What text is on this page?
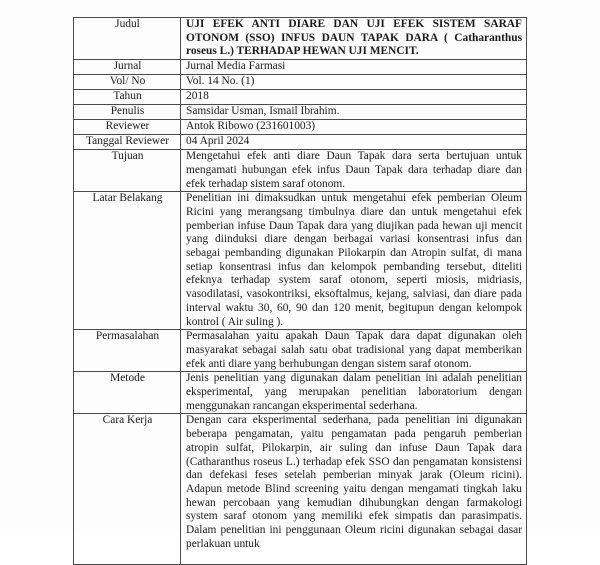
Judul	UJI EFEK ANTI DIARE DAN UJI EFEK SISTEM SARAF OTONOM (SSO) INFUS DAUN TAPAK DARA ( Catharanthus roseus L.) TERHADAP HEWAN UJI MENCIT.
Jurnal	Jurnal Media Farmasi
Vol/ No	Vol. 14 No. (1)
Tahun	2018
Penulis	Samsidar Usman, Ismail Ibrahim.
Reviewer	Antok Ribowo (231601003)
Tanggal Reviewer	04 April 2024
Tujuan	Mengetahui efek anti diare Daun Tapak dara serta bertujuan untuk mengamati hubungan efek infus Daun Tapak dara terhadap diare dan efek terhadap sistem saraf otonom.
Latar Belakang	Penelitian ini dimaksudkan untuk mengetahui efek pemberian Oleum Ricini yang merangsang timbulnya diare dan untuk mengetahui efek pemberian infuse Daun Tapak dara yang diujikan pada hewan uji mencit yang diinduksi diare dengan berbagai variasi konsentrasi infus dan sebagai pembanding digunakan Pilokarpin dan Atropin sulfat, di mana setiap konsentrasi infus dan kelompok pembanding tersebut, diteliti efeknya terhadap system saraf otonom, seperti miosis, midriasis, vasodilatasi, vasokontriksi, eksoftalmus, kejang, salviasi, dan diare pada interval waktu 30, 60, 90 dan 120 menit, begitupun dengan kelompok kontrol ( Air suling ).
Permasalahan	Permasalahan yaitu apakah Daun Tapak dara dapat digunakan oleh masyarakat sebagai salah satu obat tradisional yang dapat memberikan efek anti diare yang berhubungan dengan sistem saraf otonom.
Metode	Jenis penelitian yang digunakan dalam penelitian ini adalah penelitian eksperimental, yang merupakan penelitian laboratorium dengan menggunakan rancangan eksperimental sederhana.
Cara Kerja	Dengan cara eksperimental sederhana, pada penelitian ini digunakan beberapa pengamatan, yaitu pengamatan pada pengaruh pemberian atropin sulfat, Pilokarpin, air suling dan infuse Daun Tapak dara (Catharanthus roseus L.) terhadap efek SSO dan pengamatan konsistensi dan defekasi feses setelah pemberian minyak jarak (Oleum ricini). Adapun metode Blind screening yaitu dengan mengamati tingkah laku hewan percobaan yang kemudian dihubungkan dengan farmakologi system saraf otonom yang memiliki efek simpatis dan parasimpatis. Dalam penelitian ini penggunaan Oleum ricini digunakan sebagai dasar perlakuan untuk
